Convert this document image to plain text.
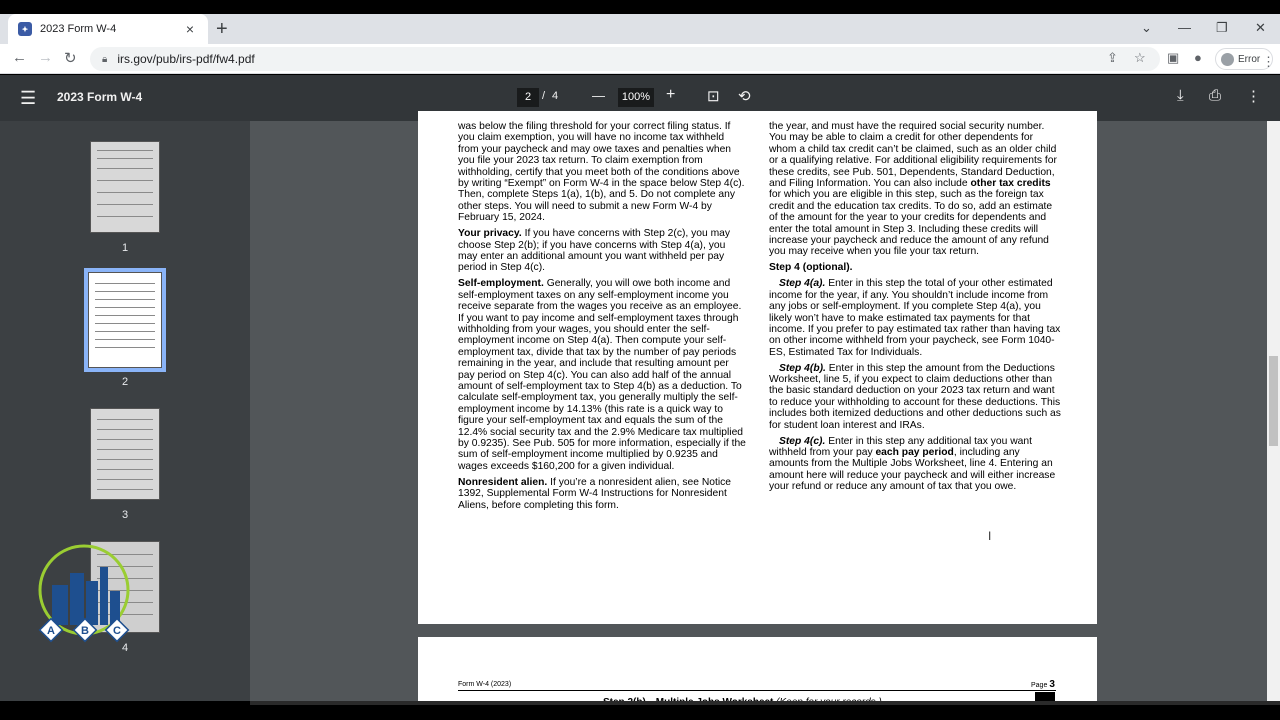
✦	2023 Form W-4	× +	⌄ — ❐ ✕
← → ↻	🔒︎ irs.gov/pub/irs-pdf/fw4.pdf	⇪ ☆ ▣ ●	Error ⋮
☰ 2023 Form W-4	2 / 4	—	100% + ⊡ ⟲	⤓ ⎙ ⋮
1
2
3
4
A B C

was below the filing threshold for your correct filing status. If you claim exemption, you will have no income tax withheld from your paycheck and may owe taxes and penalties when you file your 2023 tax return. To claim exemption from withholding, certify that you meet both of the conditions above by writing “Exempt” on Form W-4 in the space below Step 4(c). Then, complete Steps 1(a), 1(b), and 5. Do not complete any other steps. You will need to submit a new Form W-4 by February 15, 2024.

Your privacy. If you have concerns with Step 2(c), you may choose Step 2(b); if you have concerns with Step 4(a), you may enter an additional amount you want withheld per pay period in Step 4(c).

Self-employment. Generally, you will owe both income and self-employment taxes on any self-employment income you receive separate from the wages you receive as an employee. If you want to pay income and self-employment taxes through withholding from your wages, you should enter the self-employment income on Step 4(a). Then compute your self-employment tax, divide that tax by the number of pay periods remaining in the year, and include that resulting amount per pay period on Step 4(c). You can also add half of the annual amount of self-employment tax to Step 4(b) as a deduction. To calculate self-employment tax, you generally multiply the self-employment income by 14.13% (this rate is a quick way to figure your self-employment tax and equals the sum of the 12.4% social security tax and the 2.9% Medicare tax multiplied by 0.9235). See Pub. 505 for more information, especially if the sum of self-employment income multiplied by 0.9235 and wages exceeds $160,200 for a given individual.

Nonresident alien. If you’re a nonresident alien, see Notice 1392, Supplemental Form W-4 Instructions for Nonresident Aliens, before completing this form.

the year, and must have the required social security number. You may be able to claim a credit for other dependents for whom a child tax credit can’t be claimed, such as an older child or a qualifying relative. For additional eligibility requirements for these credits, see Pub. 501, Dependents, Standard Deduction, and Filing Information. You can also include other tax credits for which you are eligible in this step, such as the foreign tax credit and the education tax credits. To do so, add an estimate of the amount for the year to your credits for dependents and enter the total amount in Step 3. Including these credits will increase your paycheck and reduce the amount of any refund you may receive when you file your tax return.

Step 4 (optional).

Step 4(a). Enter in this step the total of your other estimated income for the year, if any. You shouldn’t include income from any jobs or self-employment. If you complete Step 4(a), you likely won’t have to make estimated tax payments for that income. If you prefer to pay estimated tax rather than having tax on other income withheld from your paycheck, see Form 1040-ES, Estimated Tax for Individuals.

Step 4(b). Enter in this step the amount from the Deductions Worksheet, line 5, if you expect to claim deductions other than the basic standard deduction on your 2023 tax return and want to reduce your withholding to account for these deductions. This includes both itemized deductions and other deductions such as for student loan interest and IRAs.

Step 4(c). Enter in this step any additional tax you want withheld from your pay each pay period, including any amounts from the Multiple Jobs Worksheet, line 4. Entering an amount here will reduce your paycheck and will either increase your refund or reduce any amount of tax that you owe.

I
Form W-4 (2023)	Page 3
